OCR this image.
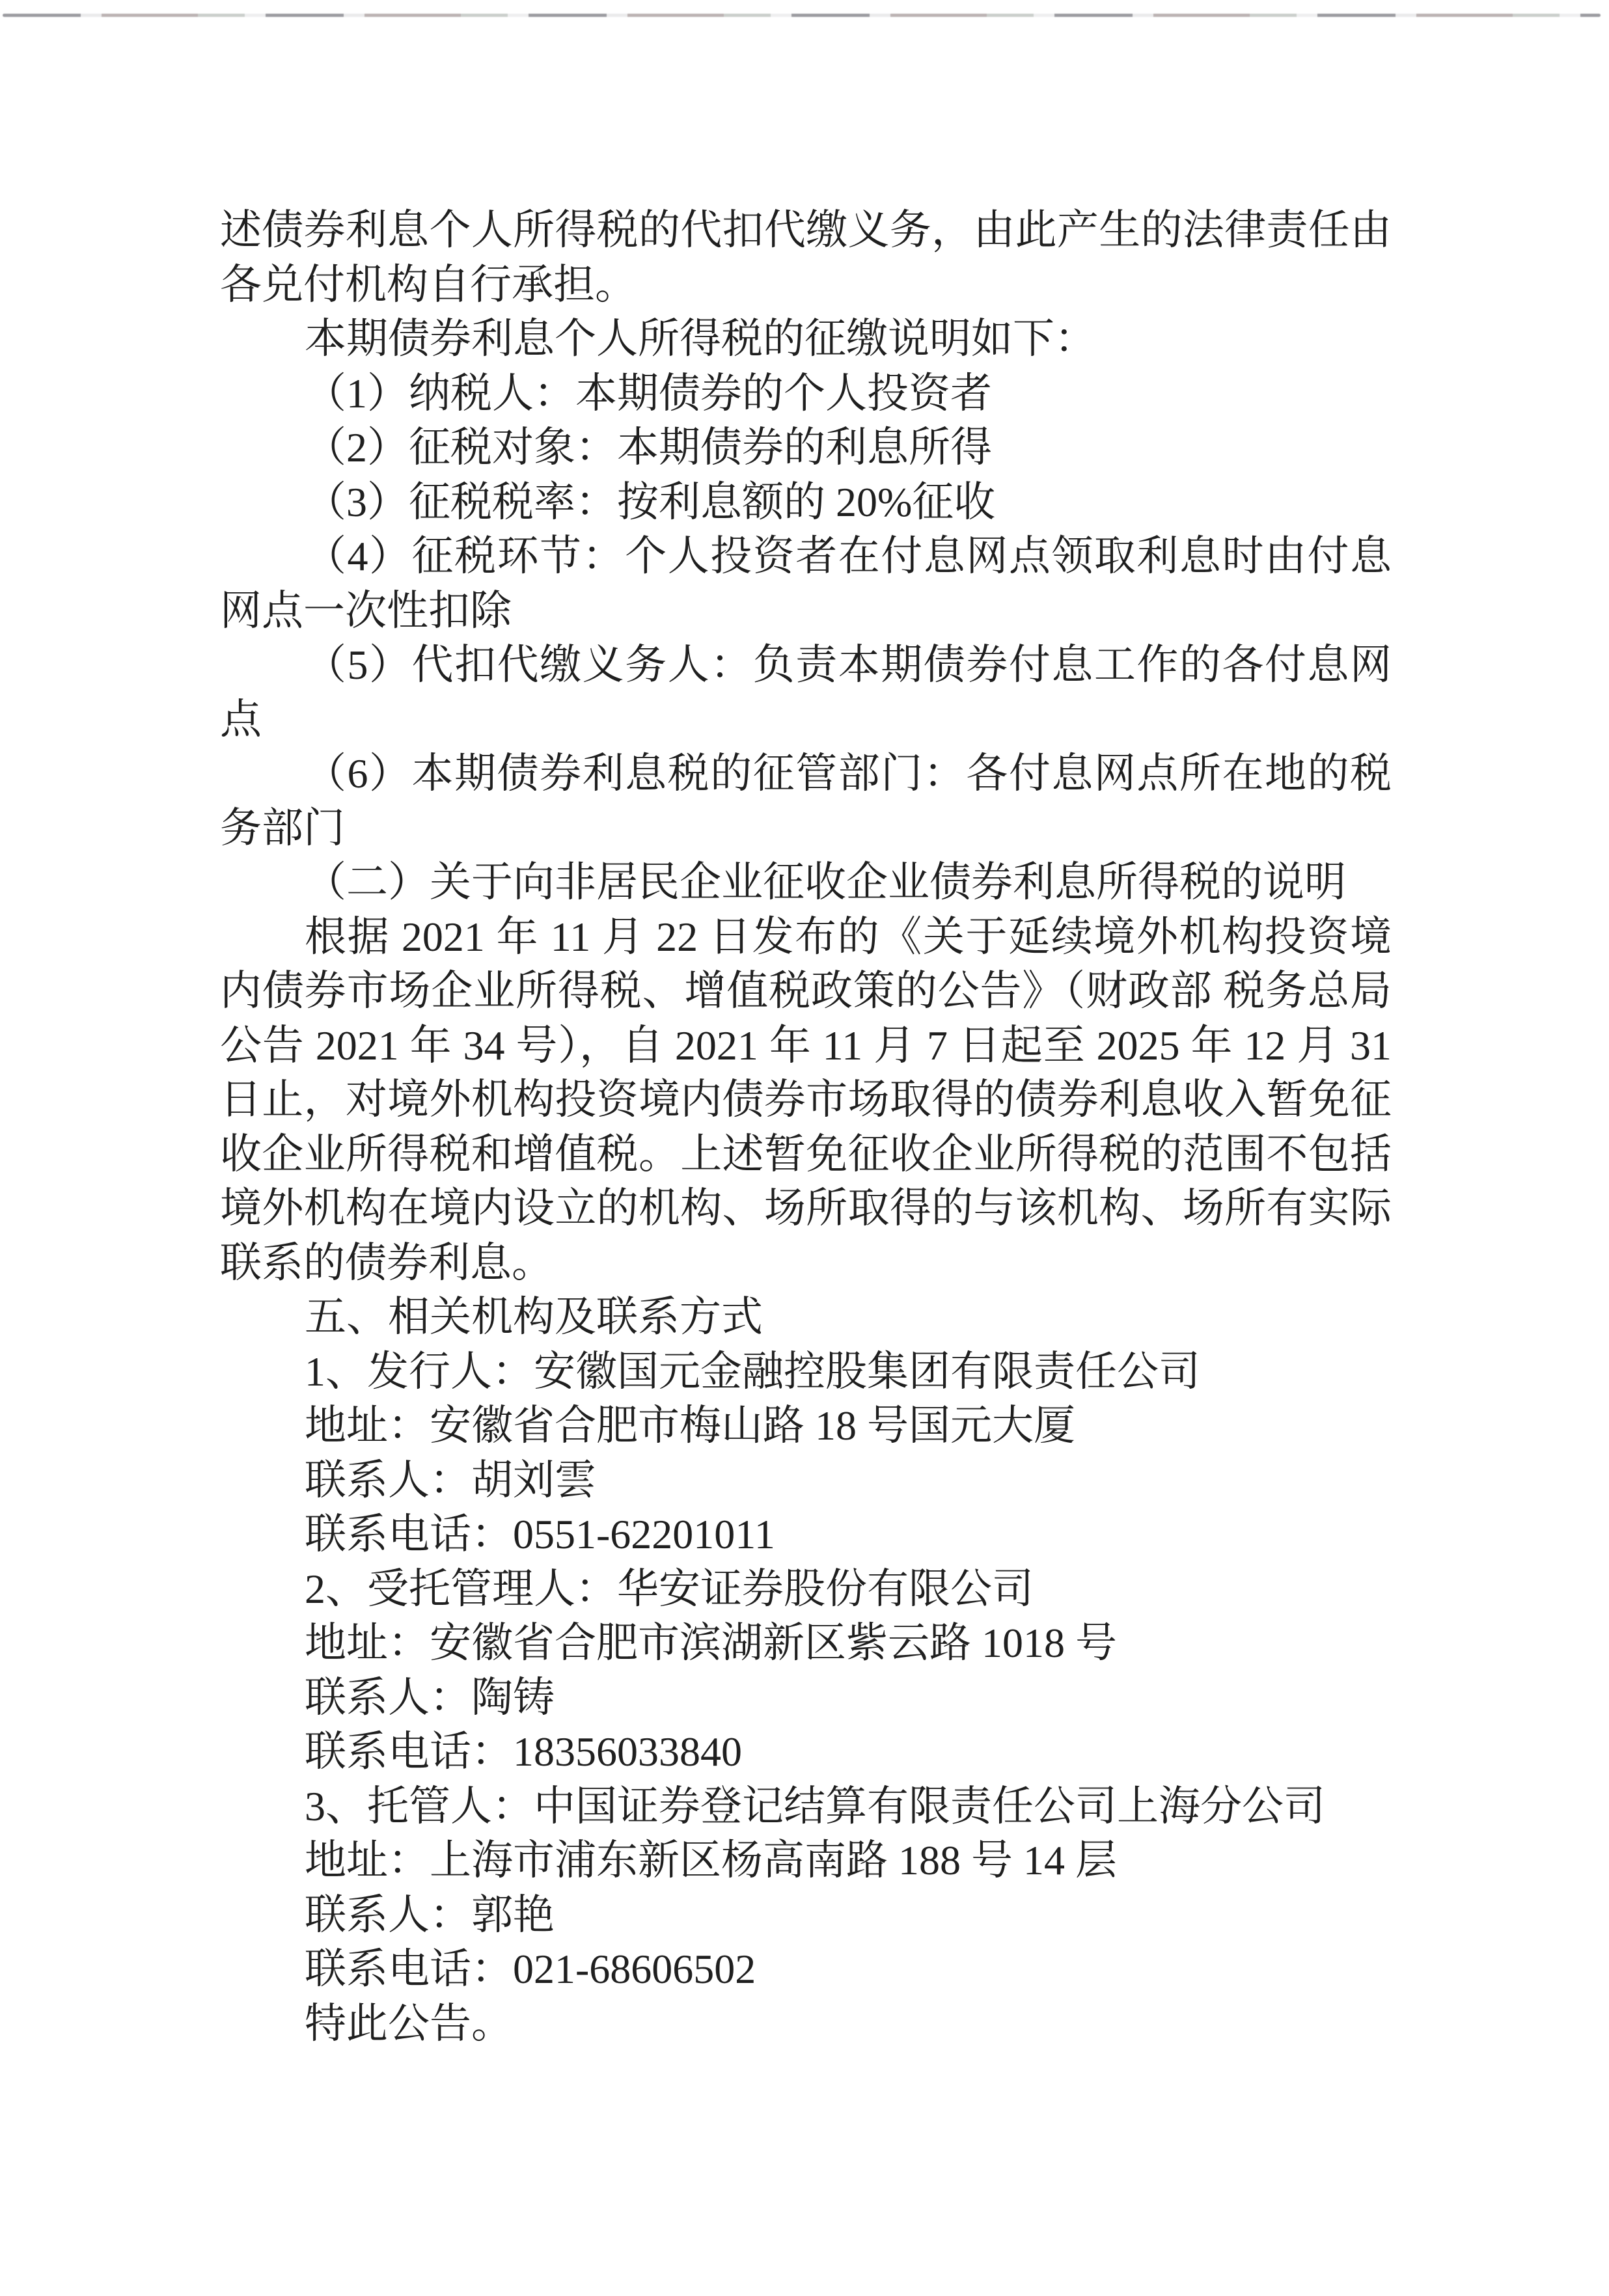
述债券利息个人所得税的代扣代缴义务，由此产生的法律责任由
各兑付机构自行承担。
本期债券利息个人所得税的征缴说明如下：
（1）纳税人：本期债券的个人投资者
（2）征税对象：本期债券的利息所得
（3）征税税率：按利息额的 20%征收
（4）征税环节：个人投资者在付息网点领取利息时由付息
网点一次性扣除
（5）代扣代缴义务人：负责本期债券付息工作的各付息网
点
（6）本期债券利息税的征管部门：各付息网点所在地的税
务部门
（二）关于向非居民企业征收企业债券利息所得税的说明
根据 2021 年 11 月 22 日发布的《关于延续境外机构投资境
内债券市场企业所得税、增值税政策的公告》（财政部 税务总局
公告 2021 年 34 号），自 2021 年 11 月 7 日起至 2025 年 12 月 31
日止，对境外机构投资境内债券市场取得的债券利息收入暂免征
收企业所得税和增值税。上述暂免征收企业所得税的范围不包括
境外机构在境内设立的机构、场所取得的与该机构、场所有实际
联系的债券利息。
五、相关机构及联系方式
1、发行人：安徽国元金融控股集团有限责任公司
地址：安徽省合肥市梅山路 18 号国元大厦
联系人：胡刘雲
联系电话：0551-62201011
2、受托管理人：华安证券股份有限公司
地址：安徽省合肥市滨湖新区紫云路 1018 号
联系人：陶铸
联系电话：18356033840
3、托管人：中国证券登记结算有限责任公司上海分公司
地址：上海市浦东新区杨高南路 188 号 14 层
联系人：郭艳
联系电话：021-68606502
特此公告。
